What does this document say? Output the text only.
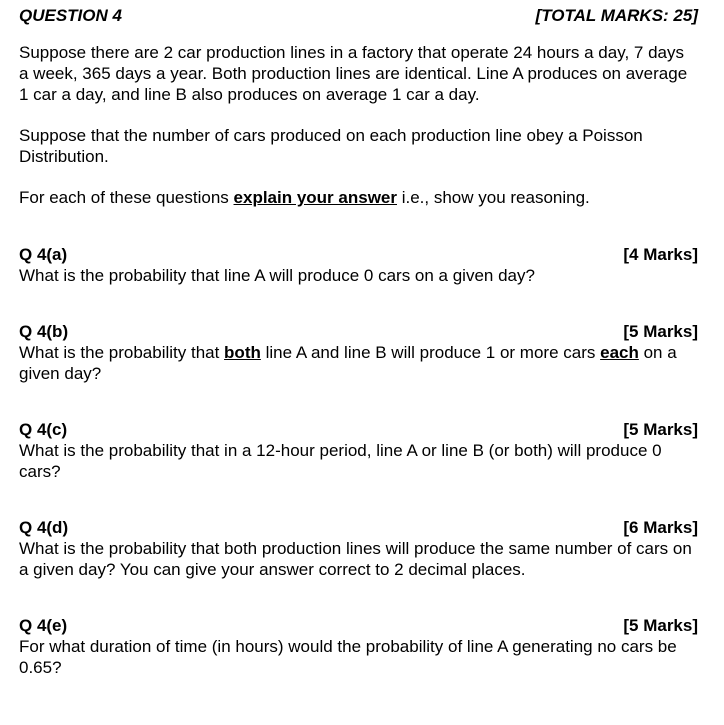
QUESTION 4	[TOTAL MARKS: 25]
Suppose there are 2 car production lines in a factory that operate 24 hours a day, 7 days a week, 365 days a year. Both production lines are identical. Line A produces on average 1 car a day, and line B also produces on average 1 car a day.
Suppose that the number of cars produced on each production line obey a Poisson Distribution.
For each of these questions explain your answer i.e., show you reasoning.
Q 4(a)	[4 Marks]
What is the probability that line A will produce 0 cars on a given day?
Q 4(b)	[5 Marks]
What is the probability that both line A and line B will produce 1 or more cars each on a given day?
Q 4(c)	[5 Marks]
What is the probability that in a 12-hour period, line A or line B (or both) will produce 0 cars?
Q 4(d)	[6 Marks]
What is the probability that both production lines will produce the same number of cars on a given day? You can give your answer correct to 2 decimal places.
Q 4(e)	[5 Marks]
For what duration of time (in hours) would the probability of line A generating no cars be 0.65?
